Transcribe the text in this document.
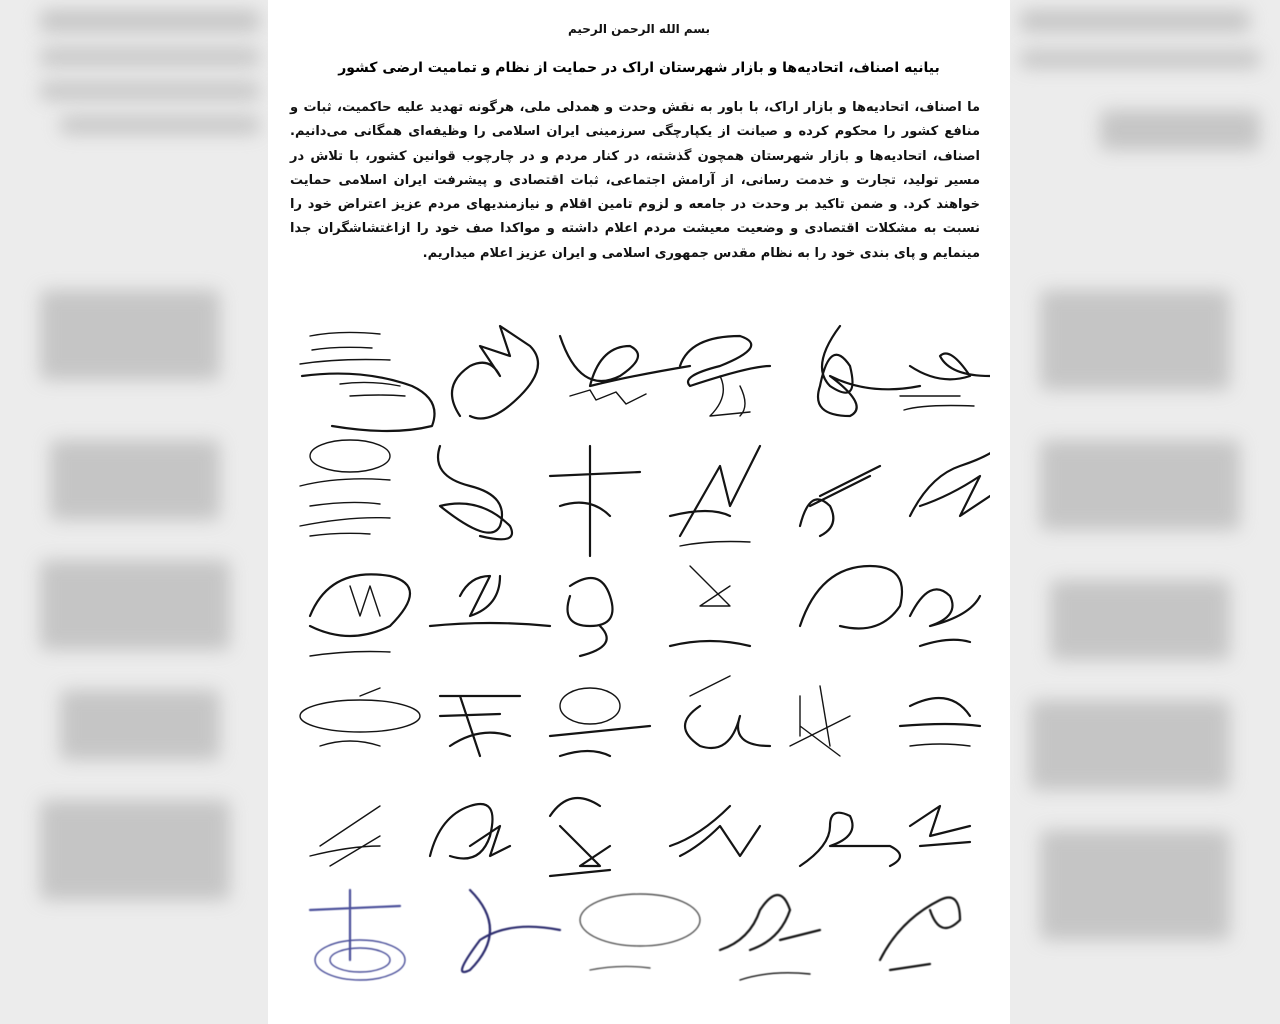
بسم الله الرحمن الرحيم
بیانیه اصناف، اتحادیه‌ها و بازار شهرستان اراک در حمایت از نظام و تمامیت ارضی کشور
ما اصناف، اتحادیه‌ها و بازار اراک، با باور به نقش وحدت و همدلی ملی، هرگونه تهدید علیه حاکمیت، ثبات و منافع کشور را محکوم کرده و صیانت از یکپارچگی سرزمینی ایران اسلامی را وظیفه‌ای همگانی می‌دانیم. اصناف، اتحادیه‌ها و بازار شهرستان همچون گذشته، در کنار مردم و در چارچوب قوانین کشور، با تلاش در مسیر تولید، تجارت و خدمت رسانی، از آرامش اجتماعی، ثبات اقتصادی و پیشرفت ایران اسلامی حمایت خواهند کرد. و ضمن تاکید بر وحدت در جامعه و لزوم تامین اقلام و نیازمندیهای مردم عزیز اعتراض خود را نسبت به مشکلات اقتصادی و وضعیت معیشت مردم اعلام داشته و مواکدا صف خود را ازاغتشاشگران جدا مینمایم و پای بندی خود را به نظام مقدس جمهوری اسلامی و ایران عزیز اعلام میداریم.
